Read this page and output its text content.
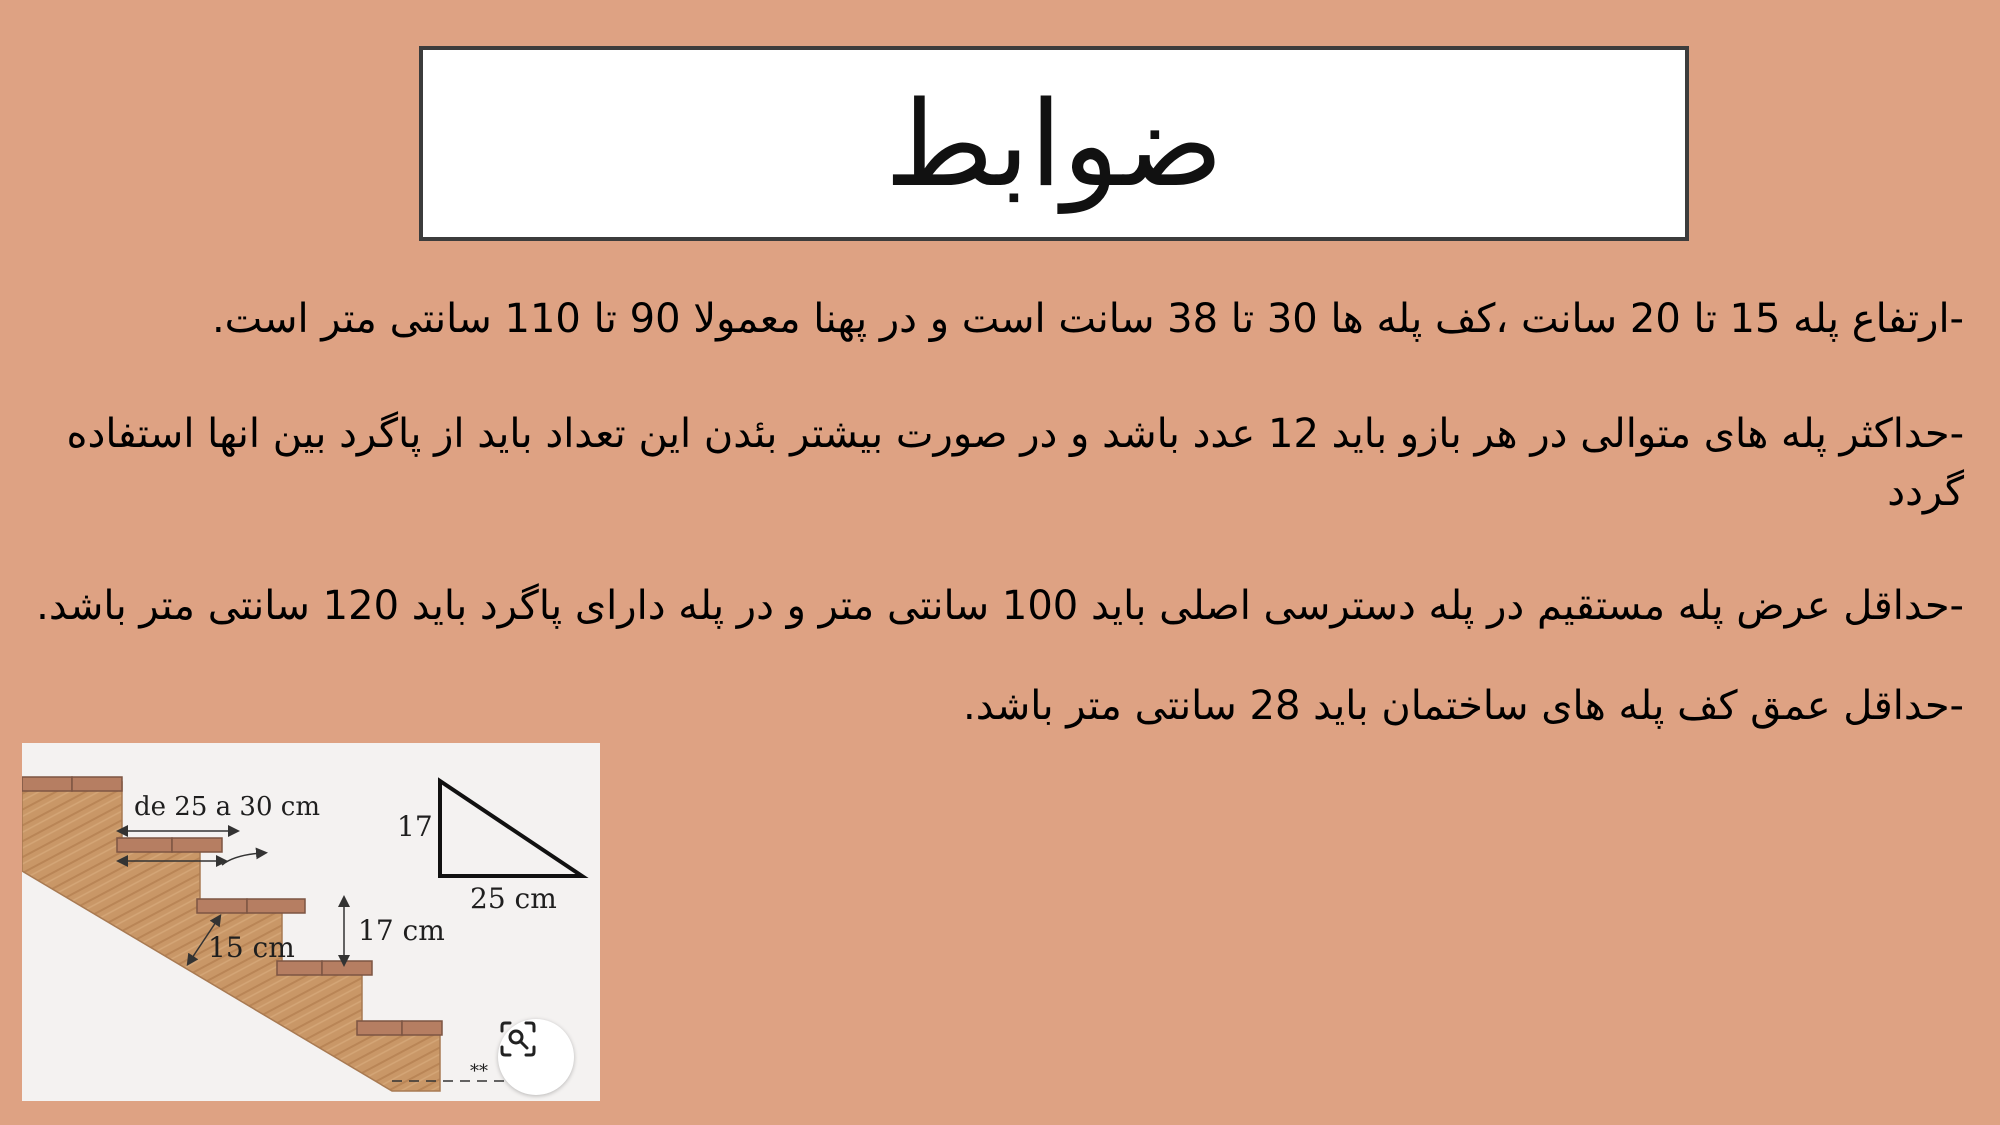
ضوابط
-ارتفاع پله 15 تا 20 سانت ،کف پله ها 30 تا 38 سانت است و در پهنا معمولا 90 تا 110 سانتی متر است.
-حداکثر پله های متوالی در هر بازو باید 12 عدد باشد و در صورت بیشتر بئدن این تعداد باید از پاگرد بین انها استفاده گردد
-حداقل عرض پله مستقیم در پله دسترسی اصلی باید 100 سانتی متر و در پله دارای پاگرد باید 120 سانتی متر باشد.
-حداقل عمق کف پله های ساختمان باید 28 سانتی متر باشد.
de 25 a 30 cm
17 cm
15 cm
17
25 cm
**
